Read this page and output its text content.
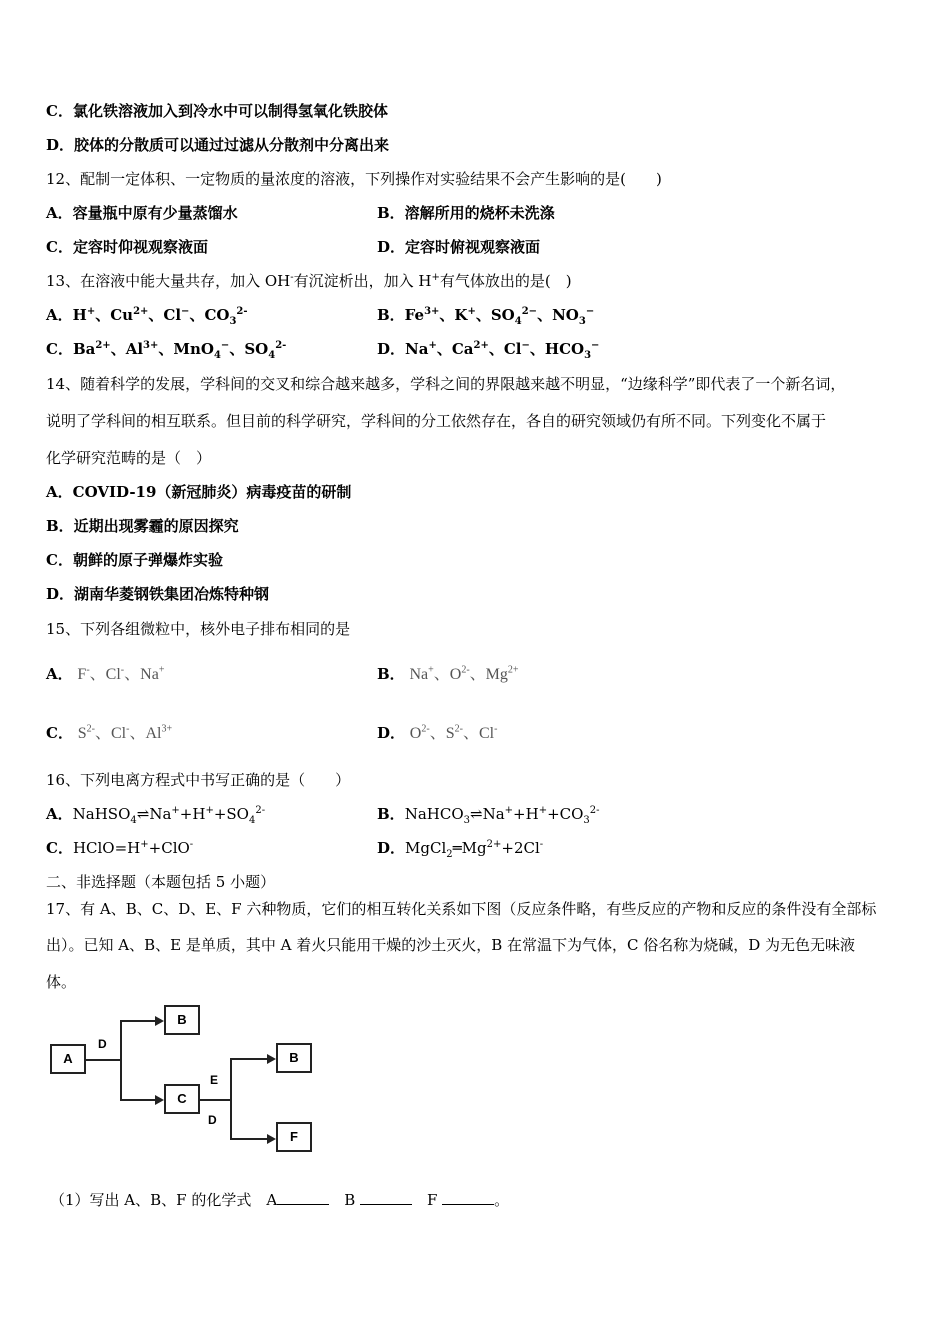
C．氯化铁溶液加入到冷水中可以制得氢氧化铁胶体
D．胶体的分散质可以通过过滤从分散剂中分离出来
12、配制一定体积、一定物质的量浓度的溶液，下列操作对实验结果不会产生影响的是(　　)
A．容量瓶中原有少量蒸馏水	B．溶解所用的烧杯未洗涤
C．定容时仰视观察液面	D．定容时俯视观察液面
13、在溶液中能大量共存，加入 OH-有沉淀析出，加入 H+有气体放出的是(　)
A．H+、$Cu^{2+}$、Cl−、$CO_3^{2-}$	B．$Fe^{3+}$、K+、$SO_4^{2-}$、$NO_3^-$
C．$Ba^{2+}$、$Al^{3+}$、MnO$_4$−、$SO_4^{2-}$	D．Na+、$Ca^{2+}$、Cl−、$HCO_3^-$
14、随着科学的发展，学科间的交叉和综合越来越多，学科之间的界限越来越不明显，“边缘科学”即代表了一个新名词，
说明了学科间的相互联系。但目前的科学研究，学科间的分工依然存在，各自的研究领域仍有所不同。下列变化不属于
化学研究范畴的是（　）
A．COVID-19（新冠肺炎）病毒疫苗的研制
B．近期出现雾霾的原因探究
C．朝鲜的原子弹爆炸实验
D．湖南华菱钢铁集团冶炼特种钢
15、下列各组微粒中，核外电子排布相同的是
A． F-、Cl-、Na+	B． Na+、$O^{2-}$、$Mg^{2+}$
C． $S^{2-}$、Cl-、$Al^{3+}$	D． $O^{2-}$、$S^{2-}$、Cl-
16、下列电离方程式中书写正确的是（　　）
A．$NaHSO_4\rightleftharpoons Na^++H^++SO_4^{2-}$	B．$NaHCO_3\rightleftharpoons Na^++H^++CO_3^{2-}$
C．HClO=H++ClO-	D．$MgCl_2═Mg^{2+}+2Cl^-$
二、非选择题（本题包括 5 小题）
17、有 A、B、C、D、E、F 六种物质，它们的相互转化关系如下图（反应条件略，有些反应的产物和反应的条件没有全部标
出）。已知 A、B、E 是单质，其中 A 着火只能用干燥的沙土灭火，B 在常温下为气体，C 俗名称为烧碱，D 为无色无味液
体。
A
B
C
B
F
D
E
D
（1）写出 A、B、F 的化学式　A	　B	　F	。
